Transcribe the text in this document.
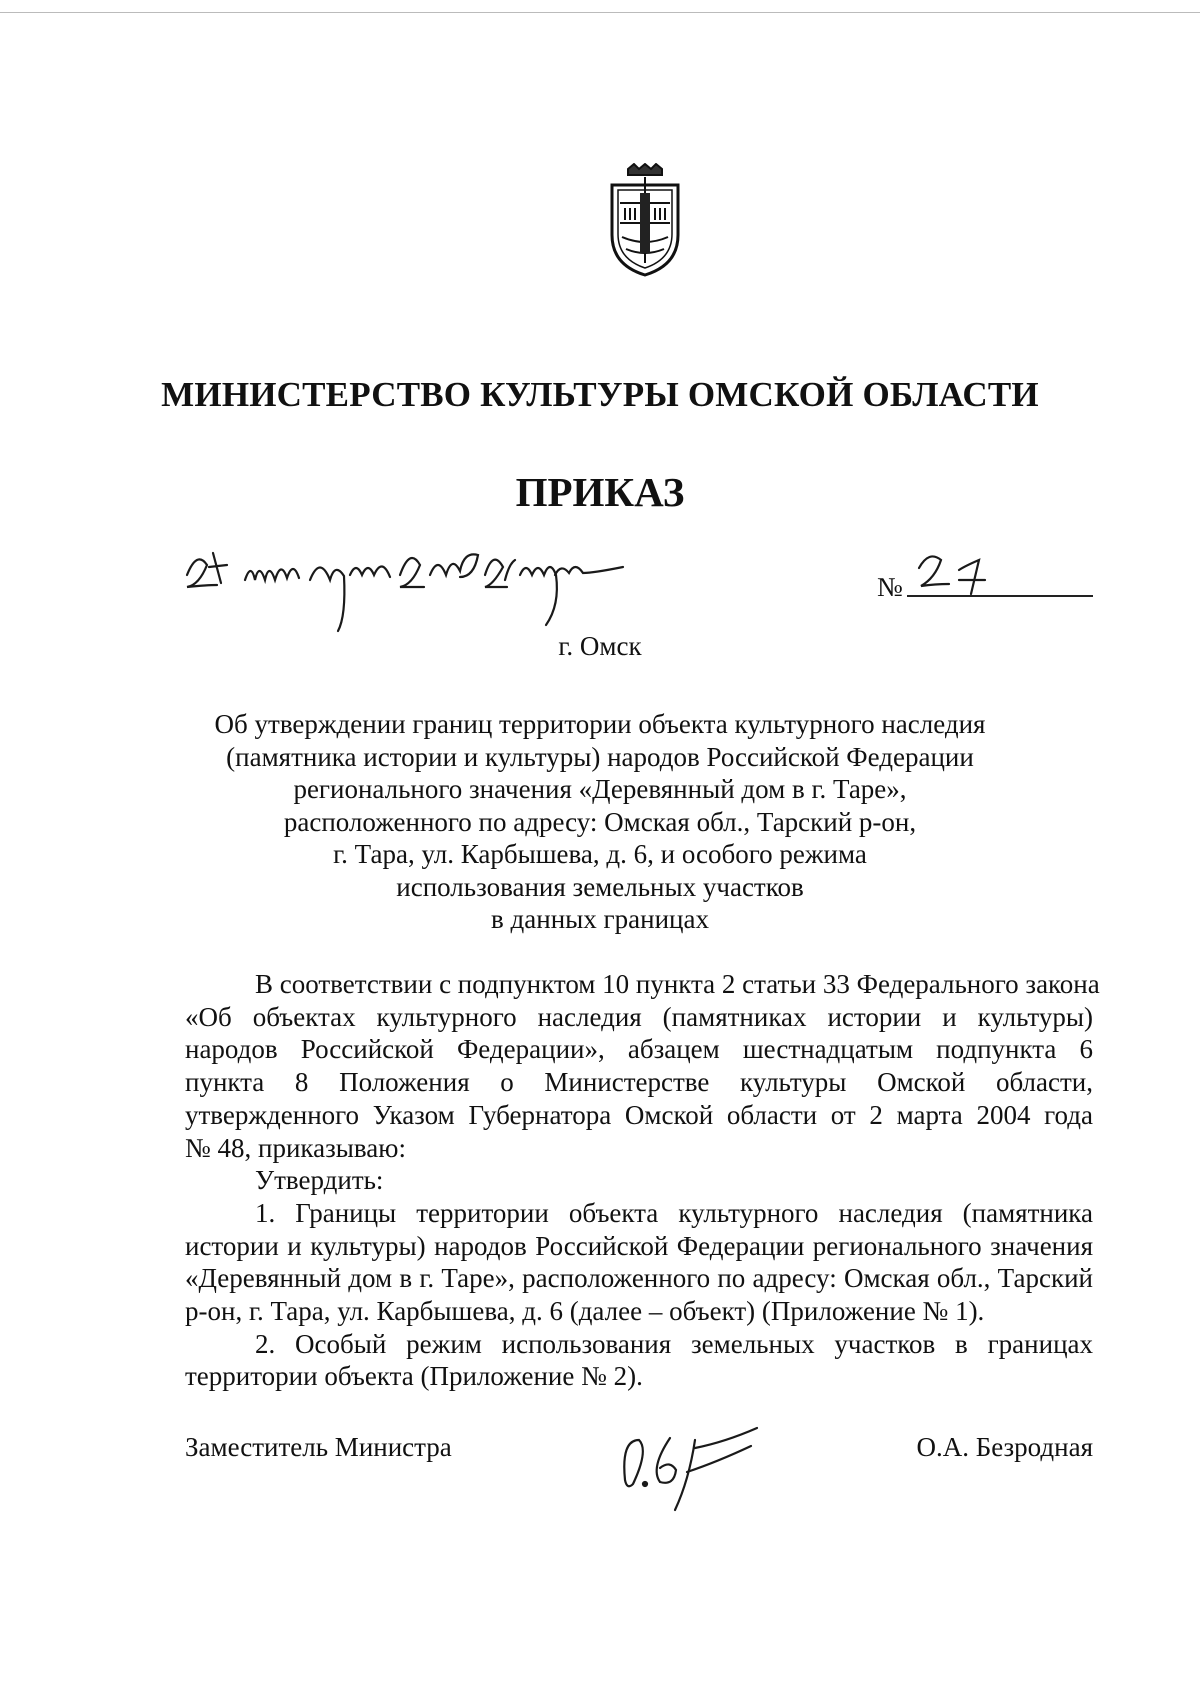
МИНИСТЕРСТВО КУЛЬТУРЫ ОМСКОЙ ОБЛАСТИ
ПРИКАЗ
№
г. Омск
Об утверждении границ территории объекта культурного наследия
(памятника истории и культуры) народов Российской Федерации
регионального значения «Деревянный дом в г. Таре»,
расположенного по адресу: Омская обл., Тарский р-он,
г. Тара, ул. Карбышева, д. 6, и особого режима
использования земельных участков
в данных границах
В соответствии с подпунктом 10 пункта 2 статьи 33 Федерального закона
«Об объектах культурного наследия (памятниках истории и культуры)
народов Российской Федерации», абзацем шестнадцатым подпункта 6
пункта 8 Положения о Министерстве культуры Омской области,
утвержденного Указом Губернатора Омской области от 2 марта 2004 года
№ 48, приказываю:
Утвердить:
1. Границы территории объекта культурного наследия (памятника
истории и культуры) народов Российской Федерации регионального значения
«Деревянный дом в г. Таре», расположенного по адресу: Омская обл., Тарский
р-он, г. Тара, ул. Карбышева, д. 6 (далее – объект) (Приложение № 1).
2. Особый режим использования земельных участков в границах
территории объекта (Приложение № 2).
Заместитель Министра	О.А. Безродная
